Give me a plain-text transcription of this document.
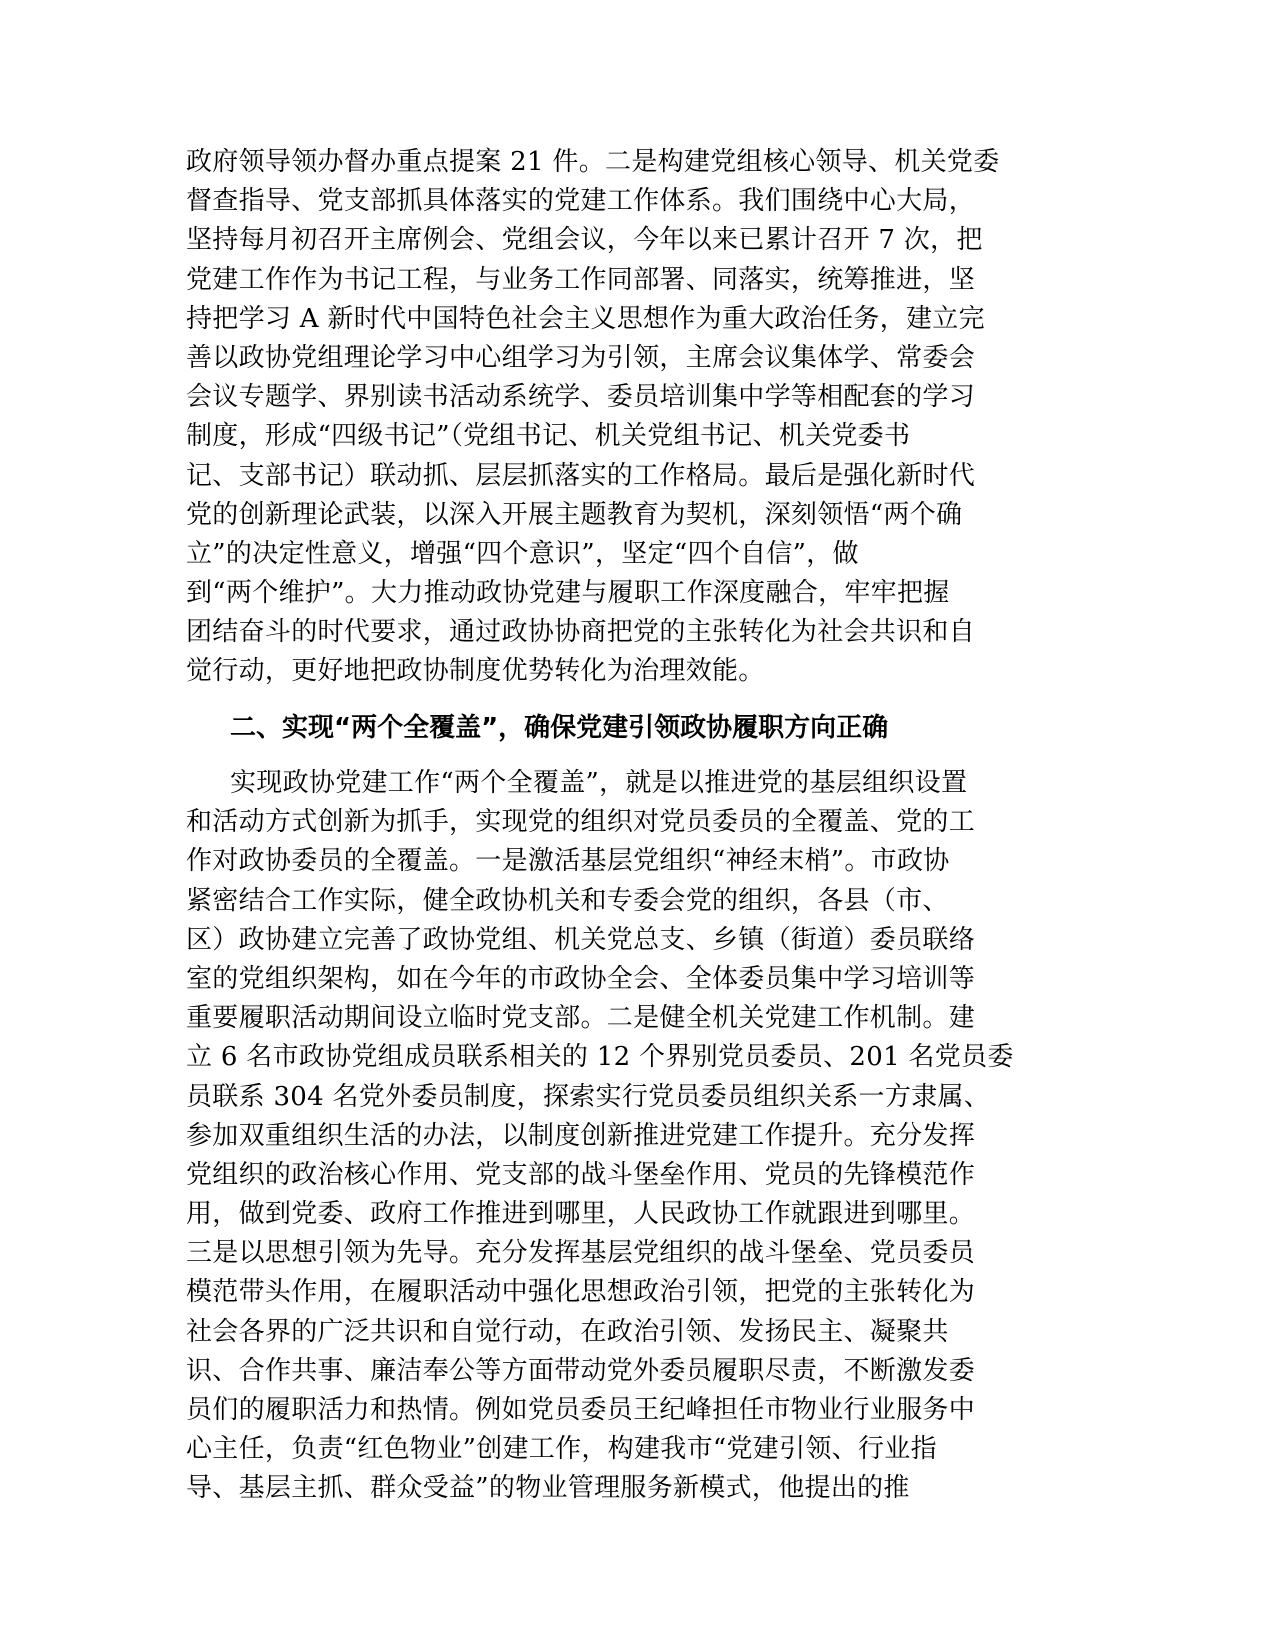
政府领导领办督办重点提案 21 件。二是构建党组核心领导、机关党委
督查指导、党支部抓具体落实的党建工作体系。我们围绕中心大局，
坚持每月初召开主席例会、党组会议，今年以来已累计召开 7 次，把
党建工作作为书记工程，与业务工作同部署、同落实，统筹推进，坚
持把学习 A 新时代中国特色社会主义思想作为重大政治任务，建立完
善以政协党组理论学习中心组学习为引领，主席会议集体学、常委会
会议专题学、界别读书活动系统学、委员培训集中学等相配套的学习
制度，形成“四级书记”（党组书记、机关党组书记、机关党委书
记、支部书记）联动抓、层层抓落实的工作格局。最后是强化新时代
党的创新理论武装，以深入开展主题教育为契机，深刻领悟“两个确
立”的决定性意义，增强“四个意识”，坚定“四个自信”，做
到“两个维护”。大力推动政协党建与履职工作深度融合，牢牢把握
团结奋斗的时代要求，通过政协协商把党的主张转化为社会共识和自
觉行动，更好地把政协制度优势转化为治理效能。
二、实现“两个全覆盖”，确保党建引领政协履职方向正确
实现政协党建工作“两个全覆盖”，就是以推进党的基层组织设置
和活动方式创新为抓手，实现党的组织对党员委员的全覆盖、党的工
作对政协委员的全覆盖。一是激活基层党组织“神经末梢”。市政协
紧密结合工作实际，健全政协机关和专委会党的组织，各县（市、
区）政协建立完善了政协党组、机关党总支、乡镇（街道）委员联络
室的党组织架构，如在今年的市政协全会、全体委员集中学习培训等
重要履职活动期间设立临时党支部。二是健全机关党建工作机制。建
立 6 名市政协党组成员联系相关的 12 个界别党员委员、201 名党员委
员联系 304 名党外委员制度，探索实行党员委员组织关系一方隶属、
参加双重组织生活的办法，以制度创新推进党建工作提升。充分发挥
党组织的政治核心作用、党支部的战斗堡垒作用、党员的先锋模范作
用，做到党委、政府工作推进到哪里，人民政协工作就跟进到哪里。
三是以思想引领为先导。充分发挥基层党组织的战斗堡垒、党员委员
模范带头作用，在履职活动中强化思想政治引领，把党的主张转化为
社会各界的广泛共识和自觉行动，在政治引领、发扬民主、凝聚共
识、合作共事、廉洁奉公等方面带动党外委员履职尽责，不断激发委
员们的履职活力和热情。例如党员委员王纪峰担任市物业行业服务中
心主任，负责“红色物业”创建工作，构建我市“党建引领、行业指
导、基层主抓、群众受益”的物业管理服务新模式，他提出的推
